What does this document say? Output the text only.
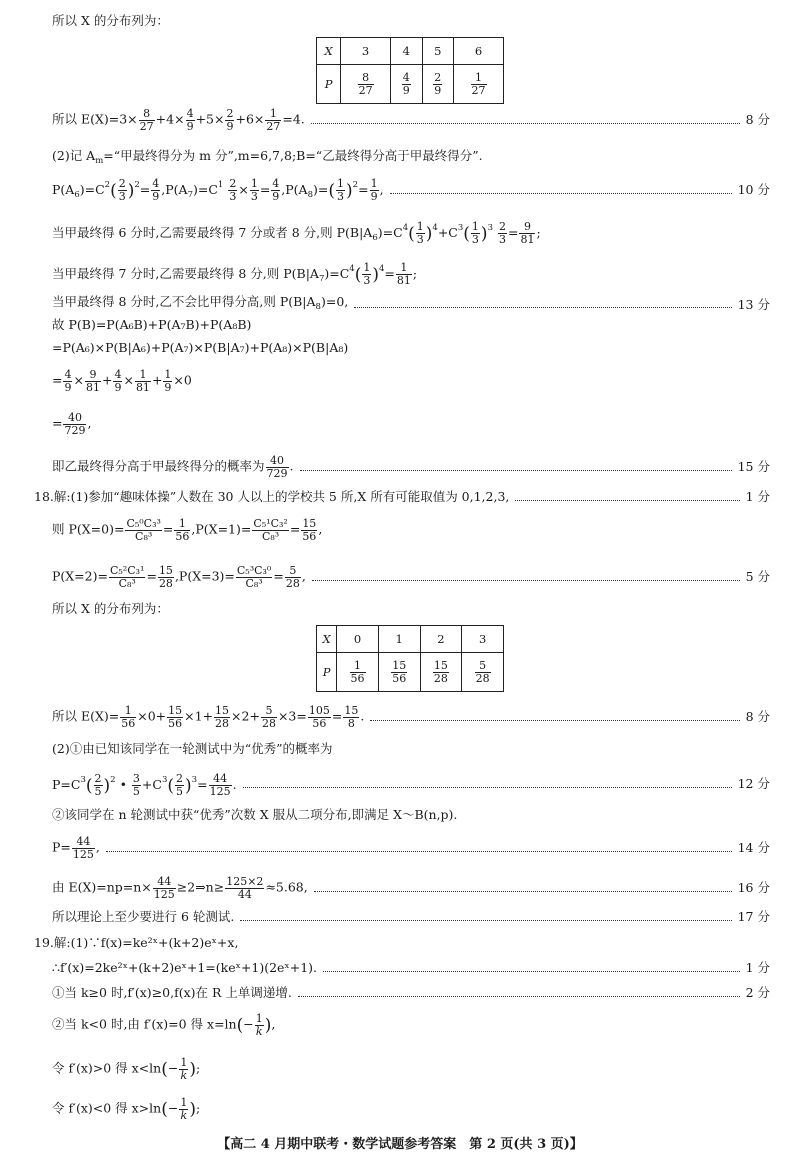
所以 X 的分布列为：
X	3	4	5	6
P	$\frac{8}{27}$	$\frac{4}{9}$	$\frac{2}{9}$	$\frac{1}{27}$
所以 $E(X)=3\times \frac{8}{27} +4\times \frac{4}{9} +5\times \frac{2}{9} +6\times \frac{1}{27} =4$.	8 分
(2)记 $A_m=“$甲最终得分为 m 分”,m=6,7,8;B=“乙最终得分高于甲最终得分”.
$P(A_6)=C^2( \frac{2}{3} )^2= \frac{4}{9} ,P(A_7)=C^1 \frac{2}{3} \times \frac{1}{3} = \frac{4}{9} ,P(A_8)=( \frac{1}{3} )^2= \frac{1}{9}$ ,	10 分
当甲最终得 6 分时,乙需要最终得 7 分或者 8 分,则 $P(B|A_6)=C^4( \frac{1}{3} )^4+C^3( \frac{1}{3} )^3 \frac{2}{3} = \frac{9}{81}$ ;
当甲最终得 7 分时,乙需要最终得 8 分,则 $P(B|A_7)=C^4( \frac{1}{3} )^4= \frac{1}{81}$ ;
当甲最终得 8 分时,乙不会比甲得分高,则 $P(B|A_8)=0$,	13 分
故 P(B)=P(A₆B)+P(A₇B)+P(A₈B)
=P(A₆)×P(B|A₆)+P(A₇)×P(B|A₇)+P(A₈)×P(B|A₈)
= $\frac{4}{9} \times \frac{9}{81} + \frac{4}{9} \times \frac{1}{81} + \frac{1}{9} \times 0$
= $\frac{40}{729}$ ,
即乙最终得分高于甲最终得分的概率为 $\frac{40}{729}$ .	15 分
18.解:(1)参加“趣味体操”人数在 30 人以上的学校共 5 所,X 所有可能取值为 0,1,2,3,	1 分
则 $P(X=0)= \frac{\text{C₅⁰C₃³}}{\text{C₈³}} = \frac{1}{56} ,P(X=1)= \frac{\text{C₅¹C₃²}}{\text{C₈³}} = \frac{15}{56}$ ,
$P(X=2)= \frac{\text{C₅²C₃¹}}{\text{C₈³}} = \frac{15}{28} ,P(X=3)= \frac{\text{C₅³C₃⁰}}{\text{C₈³}} = \frac{5}{28}$ ,	5 分
所以 X 的分布列为：
X	0	1	2	3
P	$\frac{1}{56}$	$\frac{15}{56}$	$\frac{15}{28}$	$\frac{5}{28}$
所以 $E(X)= \frac{1}{56} \times 0+ \frac{15}{56} \times 1+ \frac{15}{28} \times 2+ \frac{5}{28} \times 3= \frac{105}{56} = \frac{15}{8}$ .	8 分
(2)①由已知该同学在一轮测试中为“优秀”的概率为
$P=C^3( \frac{2}{5} )^2$ • $\frac{3}{5} +C^3( \frac{2}{5} )^3= \frac{44}{125}$ .	12 分
②该同学在 n 轮测试中获“优秀”次数 X 服从二项分布,即满足 X～B(n,p).
$P= \frac{44}{125}$ ,	14 分
由 $E(X)=np=n\times \frac{44}{125}$ ≥2⇒n≥ $\frac{125\times 2}{44} \approx 5.68$,	16 分
所以理论上至少要进行 6 轮测试.	17 分
19.解:(1)∵f(x)=ke²ˣ+(k+2)eˣ+x,
∴f′(x)=2ke²ˣ+(k+2)eˣ+1=(keˣ+1)(2eˣ+1).	1 分
①当 k≥0 时,f′(x)≥0,f(x)在 R 上单调递增.	2 分
②当 k<0 时,由 f′(x)=0 得 $x=\ln(- \frac{1}{k}$ ),
令 f′(x)>0 得 $x<\ln(- \frac{1}{k}$ );
令 f′(x)<0 得 $x>\ln(- \frac{1}{k}$ );
【高二 4 月期中联考・数学试题参考答案　第 2 页(共 3 页)】
